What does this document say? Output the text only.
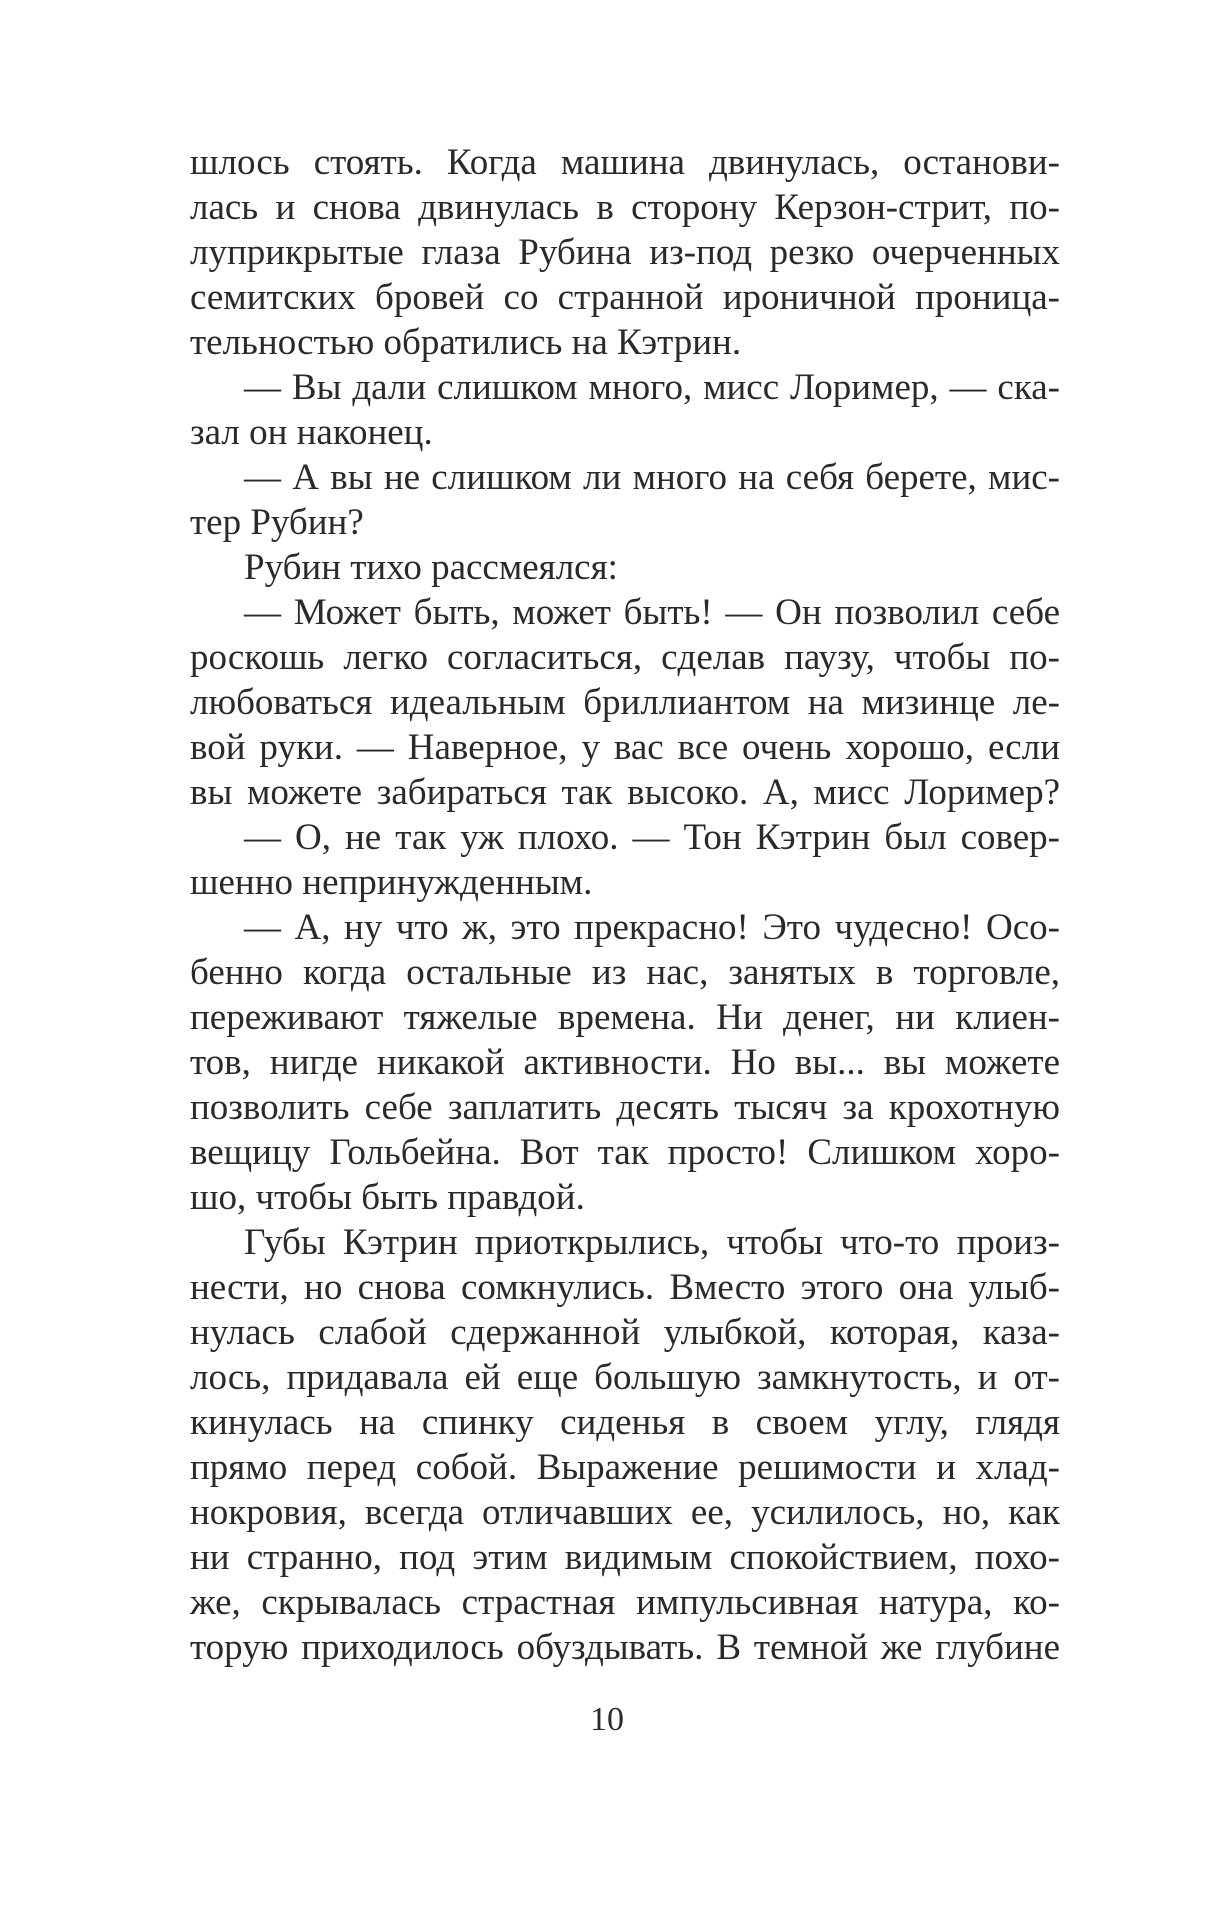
шлось стоять. Когда машина двинулась, останови-
лась и снова двинулась в сторону Керзон-стрит, по-
луприкрытые глаза Рубина из-под резко очерченных
семитских бровей со странной ироничной проница-
тельностью обратились на Кэтрин.
— Вы дали слишком много, мисс Лоример, — ска-
зал он наконец.
— А вы не слишком ли много на себя берете, мис-
тер Рубин?
Рубин тихо рассмеялся:
— Может быть, может быть! — Он позволил себе
роскошь легко согласиться, сделав паузу, чтобы по-
любоваться идеальным бриллиантом на мизинце ле-
вой руки. — Наверное, у вас все очень хорошо, если
вы можете забираться так высоко. А, мисс Лоример?
— О, не так уж плохо. — Тон Кэтрин был совер-
шенно непринужденным.
— А, ну что ж, это прекрасно! Это чудесно! Осо-
бенно когда остальные из нас, занятых в торговле,
переживают тяжелые времена. Ни денег, ни клиен-
тов, нигде никакой активности. Но вы... вы можете
позволить себе заплатить десять тысяч за крохотную
вещицу Гольбейна. Вот так просто! Слишком хоро-
шо, чтобы быть правдой.
Губы Кэтрин приоткрылись, чтобы что-то произ-
нести, но снова сомкнулись. Вместо этого она улыб-
нулась слабой сдержанной улыбкой, которая, каза-
лось, придавала ей еще большую замкнутость, и от-
кинулась на спинку сиденья в своем углу, глядя
прямо перед собой. Выражение решимости и хлад-
нокровия, всегда отличавших ее, усилилось, но, как
ни странно, под этим видимым спокойствием, похо-
же, скрывалась страстная импульсивная натура, ко-
торую приходилось обуздывать. В темной же глубине
10
